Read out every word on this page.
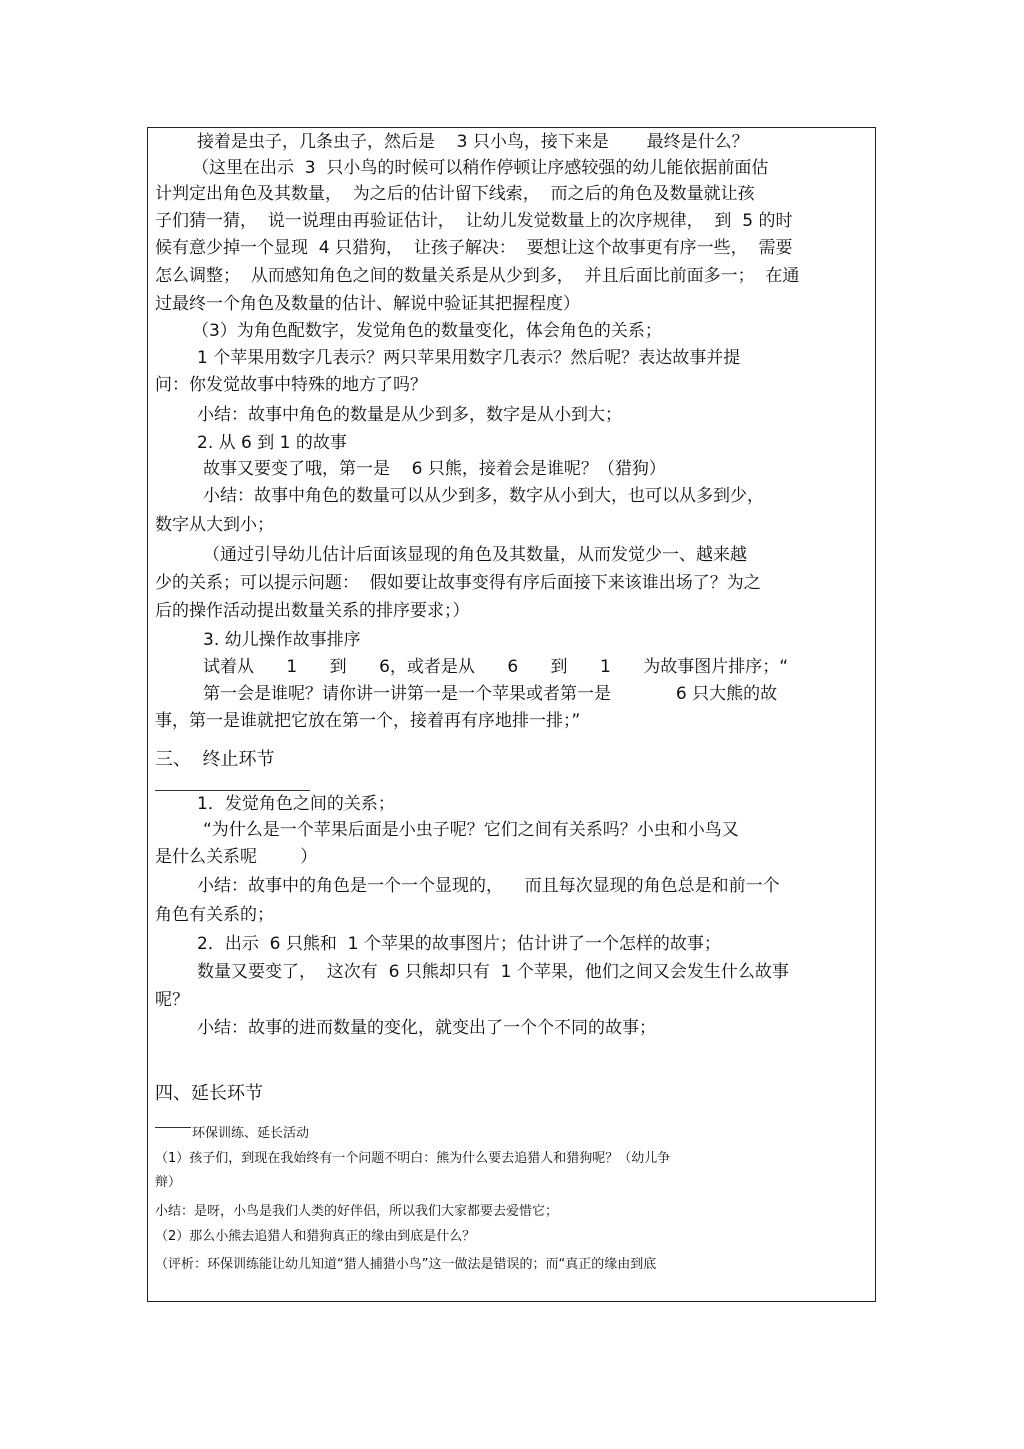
接着是虫子，几条虫子，然后是    3 只小鸟，接下来是       最终是什么？
（这里在出示  3  只小鸟的时候可以稍作停顿让序感较强的幼儿能依据前面估
计判定出角色及其数量，  为之后的估计留下线索，  而之后的角色及数量就让孩
子们猜一猜，  说一说理由再验证估计，  让幼儿发觉数量上的次序规律，  到  5 的时
候有意少掉一个显现  4 只猎狗，  让孩子解决：  要想让这个故事更有序一些，  需要
怎么调整；  从而感知角色之间的数量关系是从少到多，  并且后面比前面多一；  在通
过最终一个角色及数量的估计、解说中验证其把握程度）
（3）为角色配数字，发觉角色的数量变化，体会角色的关系；
1 个苹果用数字几表示？两只苹果用数字几表示？然后呢？表达故事并提
问：你发觉故事中特殊的地方了吗？
小结：故事中角色的数量是从少到多，数字是从小到大；
2. 从 6 到 1 的故事
故事又要变了哦，第一是    6 只熊，接着会是谁呢？（猎狗）
小结：故事中角色的数量可以从少到多，数字从小到大，也可以从多到少，
数字从大到小；
（通过引导幼儿估计后面该显现的角色及其数量，从而发觉少一、越来越
少的关系；可以提示问题：  假如要让故事变得有序后面接下来该谁出场了？为之
后的操作活动提出数量关系的排序要求；）
3. 幼儿操作故事排序
试着从      1      到      6，或者是从      6      到      1      为故事图片排序；“
第一会是谁呢？请你讲一讲第一是一个苹果或者第一是            6 只大熊的故
事，第一是谁就把它放在第一个，接着再有序地排一排；”
三、  终止环节
1．发觉角色之间的关系；
“为什么是一个苹果后面是小虫子呢？它们之间有关系吗？小虫和小鸟又
是什么关系呢        ）
小结：故事中的角色是一个一个显现的，    而且每次显现的角色总是和前一个
角色有关系的；
2．出示  6 只熊和  1 个苹果的故事图片；估计讲了一个怎样的故事；
数量又要变了，  这次有  6 只熊却只有  1 个苹果，他们之间又会发生什么故事
呢？
小结：故事的进而数量的变化，就变出了一个个不同的故事；
四、延长环节
环保训练、延长活动
（1）孩子们，到现在我始终有一个问题不明白：熊为什么要去追猎人和猎狗呢？（幼儿争
辩）
小结：是呀，小鸟是我们人类的好伴侣，所以我们大家都要去爱惜它；
（2）那么小熊去追猎人和猎狗真正的缘由到底是什么？
（评析：环保训练能让幼儿知道“猎人捕猎小鸟”这一做法是错误的；而“真正的缘由到底
